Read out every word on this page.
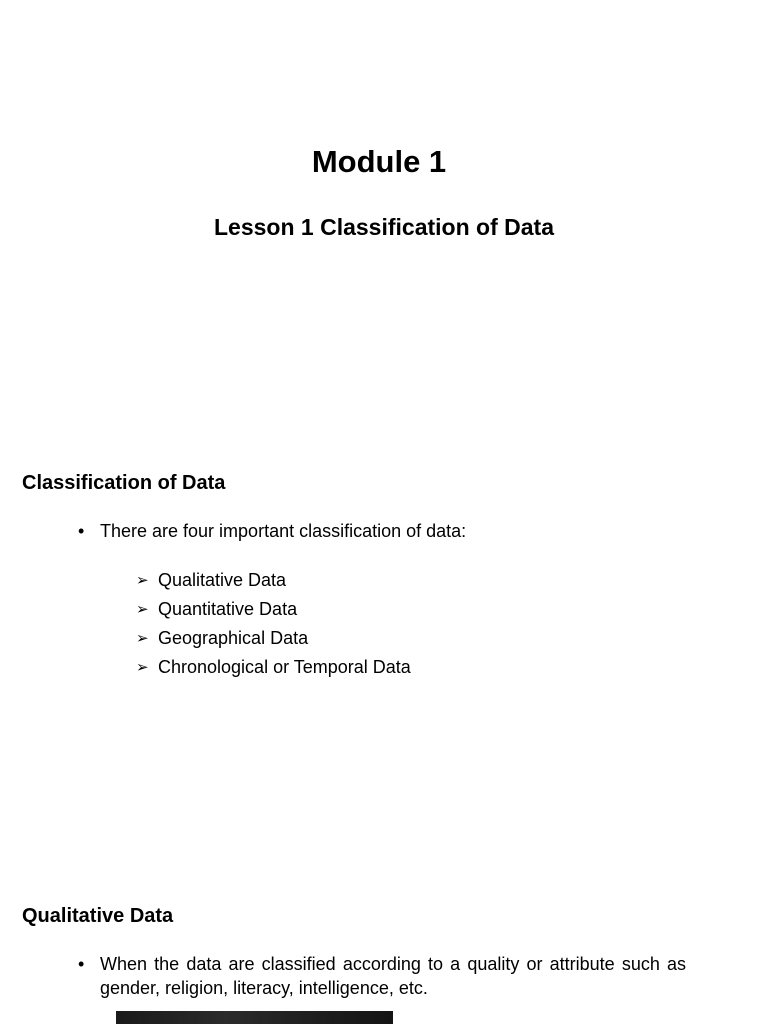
Module 1
Lesson 1 Classification of Data
Classification of Data
• There are four important classification of data:
➢ Qualitative Data
➢ Quantitative Data
➢ Geographical Data
➢ Chronological or Temporal Data
Qualitative Data
• When the data are classified according to a quality or attribute such as gender, religion, literacy, intelligence, etc.
